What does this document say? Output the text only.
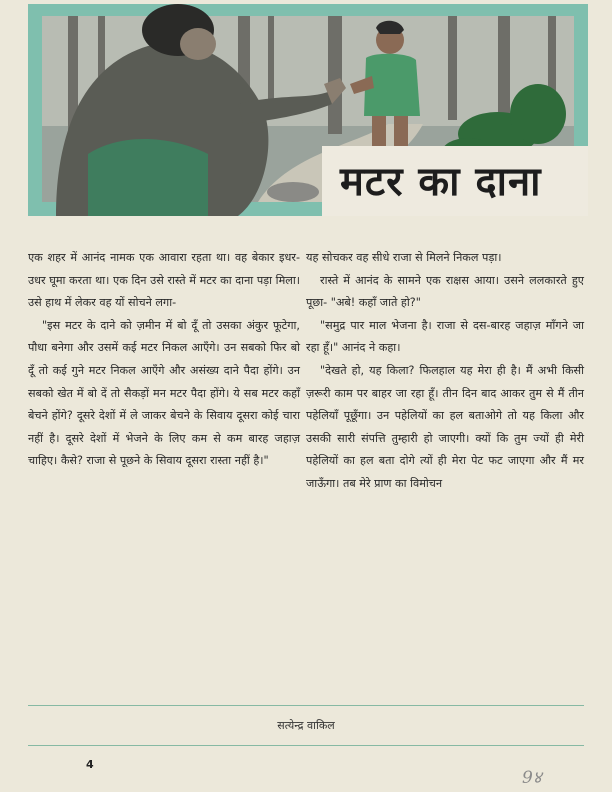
मटर का दाना

एक शहर में आनंद नामक एक आवारा रहता था। वह बेकार इधर-उधर घूमा करता था। एक दिन उसे रास्ते में मटर का दाना पड़ा मिला। उसे हाथ में लेकर वह यों सोचने लगा-

"इस मटर के दाने को ज़मीन में बो दूँ तो उसका अंकुर फूटेगा, पौधा बनेगा और उसमें कई मटर निकल आएँगे। उन सबको फिर बो दूँ तो कई गुने मटर निकल आएँगे और असंख्य दाने पैदा होंगे। उन सबको खेत में बो दें तो सैकड़ों मन मटर पैदा होंगे। ये सब मटर कहाँ बेचने होंगे? दूसरे देशों में ले जाकर बेचने के सिवाय दूसरा कोई चारा नहीं है। दूसरे देशों में भेजने के लिए कम से कम बारह जहाज़ चाहिए। कैसे? राजा से पूछने के सिवाय दूसरा रास्ता नहीं है।"

यह सोचकर वह सीधे राजा से मिलने निकल पड़ा।

रास्ते में आनंद के सामने एक राक्षस आया। उसने ललकारते हुए पूछा- "अबे! कहाँ जाते हो?"

"समुद्र पार माल भेजना है। राजा से दस-बारह जहाज़ माँगने जा रहा हूँ।" आनंद ने कहा।

"देखते हो, यह किला? फिलहाल यह मेरा ही है। मैं अभी किसी ज़रूरी काम पर बाहर जा रहा हूँ। तीन दिन बाद आकर तुम से मैं तीन पहेलियाँ पूछूँगा। उन पहेलियों का हल बताओगे तो यह किला और उसकी सारी संपत्ति तुम्हारी हो जाएगी। क्यों कि तुम ज्यों ही मेरी पहेलियों का हल बता दोगे त्यों ही मेरा पेट फट जाएगा और मैं मर जाऊँगा। तब मेरे प्राण का विमोचन

सत्येन्द्र वाकिल
4
9४
